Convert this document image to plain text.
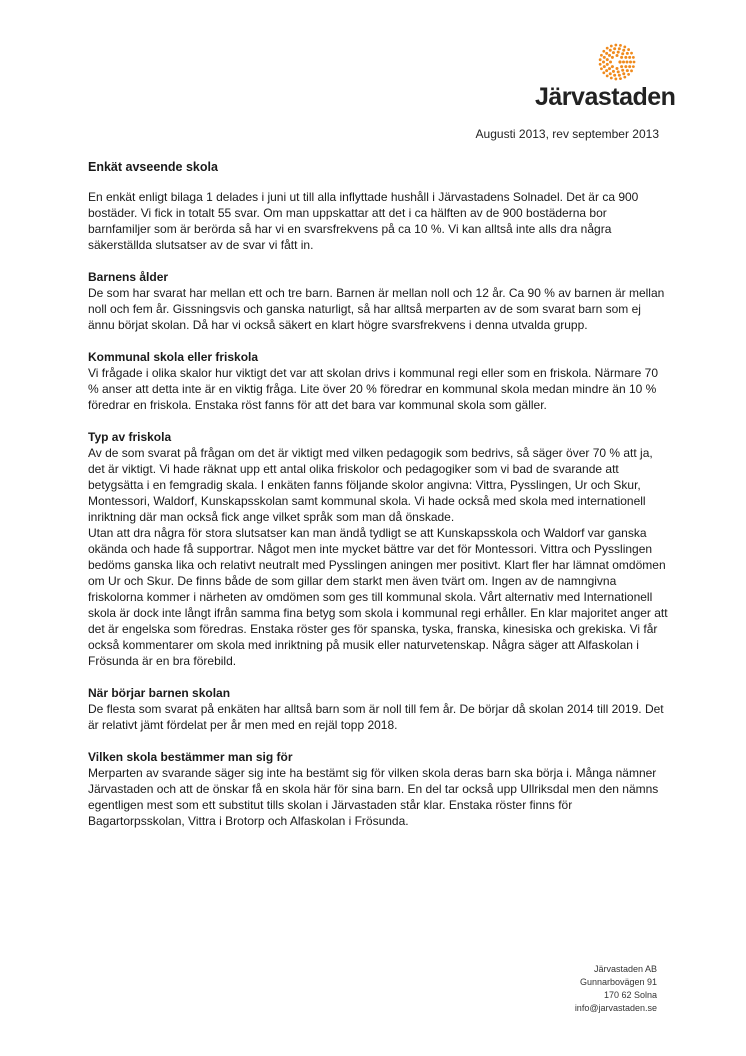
Järvastaden
Augusti 2013, rev september 2013
Enkät avseende skola

En enkät enligt bilaga 1 delades i juni ut till alla inflyttade hushåll i Järvastadens Solnadel. Det är ca 900 bostäder. Vi fick in totalt 55 svar. Om man uppskattar att det i ca hälften av de 900 bostäderna bor barnfamiljer som är berörda så har vi en svarsfrekvens på ca 10 %. Vi kan alltså inte alls dra några säkerställda slutsatser av de svar vi fått in.

Barnens ålder

De som har svarat har mellan ett och tre barn. Barnen är mellan noll och 12 år. Ca 90 % av barnen är mellan noll och fem år. Gissningsvis och ganska naturligt, så har alltså merparten av de som svarat barn som ej ännu börjat skolan. Då har vi också säkert en klart högre svarsfrekvens i denna utvalda grupp.

Kommunal skola eller friskola

Vi frågade i olika skalor hur viktigt det var att skolan drivs i kommunal regi eller som en friskola. Närmare 70 % anser att detta inte är en viktig fråga. Lite över 20 % föredrar en kommunal skola medan mindre än 10 % föredrar en friskola. Enstaka röst fanns för att det bara var kommunal skola som gäller.

Typ av friskola

Av de som svarat på frågan om det är viktigt med vilken pedagogik som bedrivs, så säger över 70 % att ja, det är viktigt. Vi hade räknat upp ett antal olika friskolor och pedagogiker som vi bad de svarande att betygsätta i en femgradig skala. I enkäten fanns följande skolor angivna: Vittra, Pysslingen, Ur och Skur, Montessori, Waldorf, Kunskapsskolan samt kommunal skola. Vi hade också med skola med internationell inriktning där man också fick ange vilket språk som man då önskade.
Utan att dra några för stora slutsatser kan man ändå tydligt se att Kunskapsskola och Waldorf var ganska okända och hade få supportrar. Något men inte mycket bättre var det för Montessori. Vittra och Pysslingen bedöms ganska lika och relativt neutralt med Pysslingen aningen mer positivt. Klart fler har lämnat omdömen om Ur och Skur. De finns både de som gillar dem starkt men även tvärt om. Ingen av de namngivna friskolorna kommer i närheten av omdömen som ges till kommunal skola. Vårt alternativ med Internationell skola är dock inte långt ifrån samma fina betyg som skola i kommunal regi erhåller. En klar majoritet anger att det är engelska som föredras. Enstaka röster ges för spanska, tyska, franska, kinesiska och grekiska. Vi får också kommentarer om skola med inriktning på musik eller naturvetenskap. Några säger att Alfaskolan i Frösunda är en bra förebild.

När börjar barnen skolan

De flesta som svarat på enkäten har alltså barn som är noll till fem år. De börjar då skolan 2014 till 2019. Det är relativt jämt fördelat per år men med en rejäl topp 2018.

Vilken skola bestämmer man sig för

Merparten av svarande säger sig inte ha bestämt sig för vilken skola deras barn ska börja i. Många nämner Järvastaden och att de önskar få en skola här för sina barn. En del tar också upp Ullriksdal men den nämns egentligen mest som ett substitut tills skolan i Järvastaden står klar. Enstaka röster finns för Bagartorpsskolan, Vittra i Brotorp och Alfaskolan i Frösunda.

Järvastaden AB
Gunnarbovägen 91
170 62 Solna
info@jarvastaden.se
